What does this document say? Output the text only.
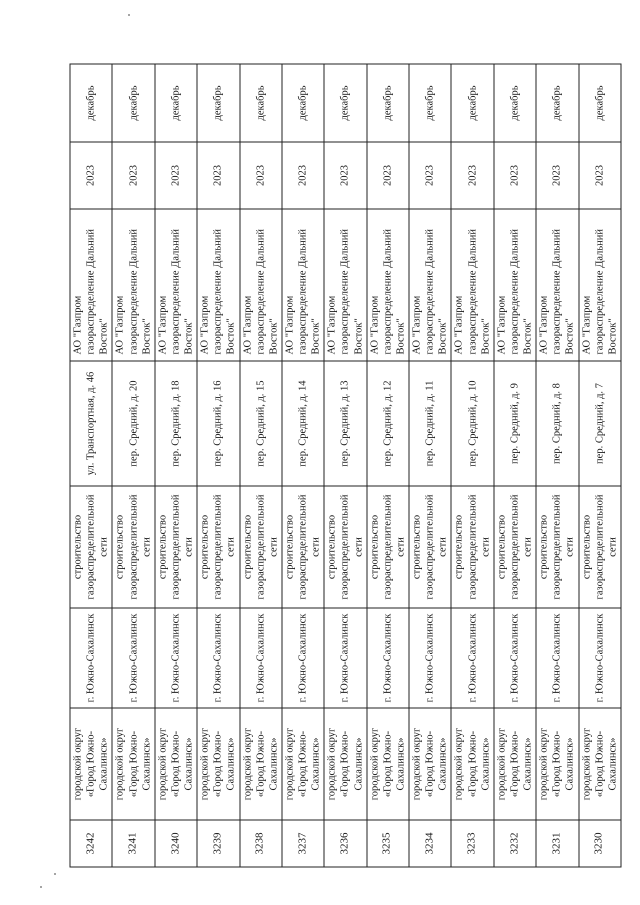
3242	городской округ «Город Южно-Сахалинск»	г. Южно-Сахалинск	строительство газораспределительной сети	ул. Транспортная, д. 46	АО "Газпром газораспределение Дальний Восток"	2023	декабрь
3241	городской округ «Город Южно-Сахалинск»	г. Южно-Сахалинск	строительство газораспределительной сети	пер. Средний, д. 20	АО "Газпром газораспределение Дальний Восток"	2023	декабрь
3240	городской округ «Город Южно-Сахалинск»	г. Южно-Сахалинск	строительство газораспределительной сети	пер. Средний, д. 18	АО "Газпром газораспределение Дальний Восток"	2023	декабрь
3239	городской округ «Город Южно-Сахалинск»	г. Южно-Сахалинск	строительство газораспределительной сети	пер. Средний, д. 16	АО "Газпром газораспределение Дальний Восток"	2023	декабрь
3238	городской округ «Город Южно-Сахалинск»	г. Южно-Сахалинск	строительство газораспределительной сети	пер. Средний, д. 15	АО "Газпром газораспределение Дальний Восток"	2023	декабрь
3237	городской округ «Город Южно-Сахалинск»	г. Южно-Сахалинск	строительство газораспределительной сети	пер. Средний, д. 14	АО "Газпром газораспределение Дальний Восток"	2023	декабрь
3236	городской округ «Город Южно-Сахалинск»	г. Южно-Сахалинск	строительство газораспределительной сети	пер. Средний, д. 13	АО "Газпром газораспределение Дальний Восток"	2023	декабрь
3235	городской округ «Город Южно-Сахалинск»	г. Южно-Сахалинск	строительство газораспределительной сети	пер. Средний, д. 12	АО "Газпром газораспределение Дальний Восток"	2023	декабрь
3234	городской округ «Город Южно-Сахалинск»	г. Южно-Сахалинск	строительство газораспределительной сети	пер. Средний, д. 11	АО "Газпром газораспределение Дальний Восток"	2023	декабрь
3233	городской округ «Город Южно-Сахалинск»	г. Южно-Сахалинск	строительство газораспределительной сети	пер. Средний, д. 10	АО "Газпром газораспределение Дальний Восток"	2023	декабрь
3232	городской округ «Город Южно-Сахалинск»	г. Южно-Сахалинск	строительство газораспределительной сети	пер. Средний, д. 9	АО "Газпром газораспределение Дальний Восток"	2023	декабрь
3231	городской округ «Город Южно-Сахалинск»	г. Южно-Сахалинск	строительство газораспределительной сети	пер. Средний, д. 8	АО "Газпром газораспределение Дальний Восток"	2023	декабрь
3230	городской округ «Город Южно-Сахалинск»	г. Южно-Сахалинск	строительство газораспределительной сети	пер. Средний, д. 7	АО "Газпром газораспределение Дальний Восток"	2023	декабрь
